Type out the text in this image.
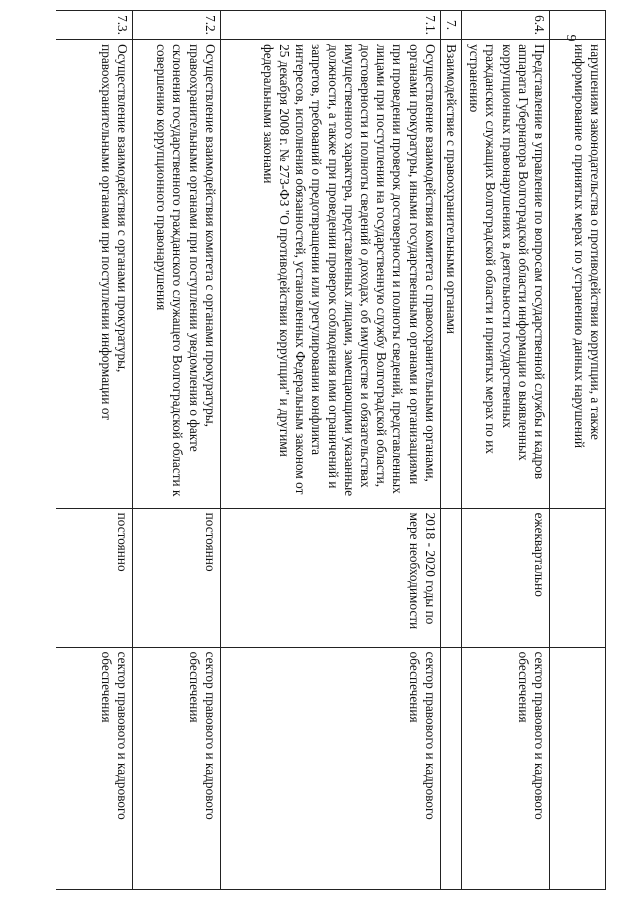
9
	нарушениям законодательства о противодействии коррупции, а также информирование о принятых мерах по устранению данных нарушений		
6.4.	Представление в управление по вопросам государственной службы и кадров аппарата Губернатора Волгоградской области информации о выявленных коррупционных правонарушениях в деятельности государственных гражданских служащих Волгоградской области и принятых мерах по их устранению	ежеквартально	сектор правового и кадрового обеспечения
7.	Взаимодействие с правоохранительными органами		
7.1.	Осуществление взаимодействия комитета с правоохранительными органами, органами прокуратуры, иными государственными органами и организациями при проведении проверок достоверности и полноты сведений, представленных лицами при поступлении на государственную службу Волгоградской области, достоверности и полноты сведений о доходах, об имуществе и обязательствах имущественного характера, представленных лицами, замещающими указанные должности, а также при проведении проверок соблюдения ими ограничений и запретов, требований о предотвращении или урегулировании конфликта интересов, исполнения обязанностей, установленных Федеральным законом от 25 декабря 2008 г. № 273-ФЗ "О противодействии коррупции" и другими федеральными законами	2018 - 2020 годы по мере необходимости	сектор правового и кадрового обеспечения
7.2.	Осуществление взаимодействия комитета с органами прокуратуры, правоохранительными органами при поступлении уведомления о факте склонения государственного гражданского служащего Волгоградской области к совершению коррупционного правонарушения	постоянно	сектор правового и кадрового обеспечения
7.3.	Осуществление взаимодействия с органами прокуратуры, правоохранительными органами при поступлении информации от	постоянно	сектор правового и кадрового обеспечения
